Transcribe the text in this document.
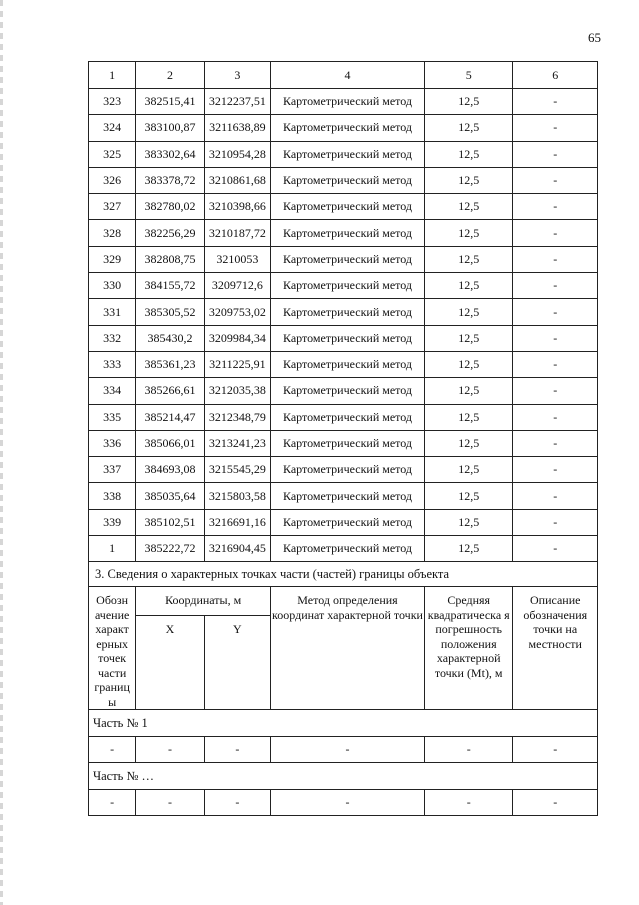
65
1	2	3	4	5	6
323	382515,41	3212237,51	Картометрический метод	12,5	-
324	383100,87	3211638,89	Картометрический метод	12,5	-
325	383302,64	3210954,28	Картометрический метод	12,5	-
326	383378,72	3210861,68	Картометрический метод	12,5	-
327	382780,02	3210398,66	Картометрический метод	12,5	-
328	382256,29	3210187,72	Картометрический метод	12,5	-
329	382808,75	3210053	Картометрический метод	12,5	-
330	384155,72	3209712,6	Картометрический метод	12,5	-
331	385305,52	3209753,02	Картометрический метод	12,5	-
332	385430,2	3209984,34	Картометрический метод	12,5	-
333	385361,23	3211225,91	Картометрический метод	12,5	-
334	385266,61	3212035,38	Картометрический метод	12,5	-
335	385214,47	3212348,79	Картометрический метод	12,5	-
336	385066,01	3213241,23	Картометрический метод	12,5	-
337	384693,08	3215545,29	Картометрический метод	12,5	-
338	385035,64	3215803,58	Картометрический метод	12,5	-
339	385102,51	3216691,16	Картометрический метод	12,5	-
1	385222,72	3216904,45	Картометрический метод	12,5	-
3. Сведения о характерных точках части (частей) границы объекта					
Обозн ачение характ ерных точек части границ ы	Координаты, м		Метод определения координат характерной точки	Средняя квадратическа я погрешность положения характерной точки (Mt), м	Описание обозначения точки на местности
	X	Y			
Часть № 1					
-	-	-	-	-	-
Часть № …					
-	-	-	-	-	-
